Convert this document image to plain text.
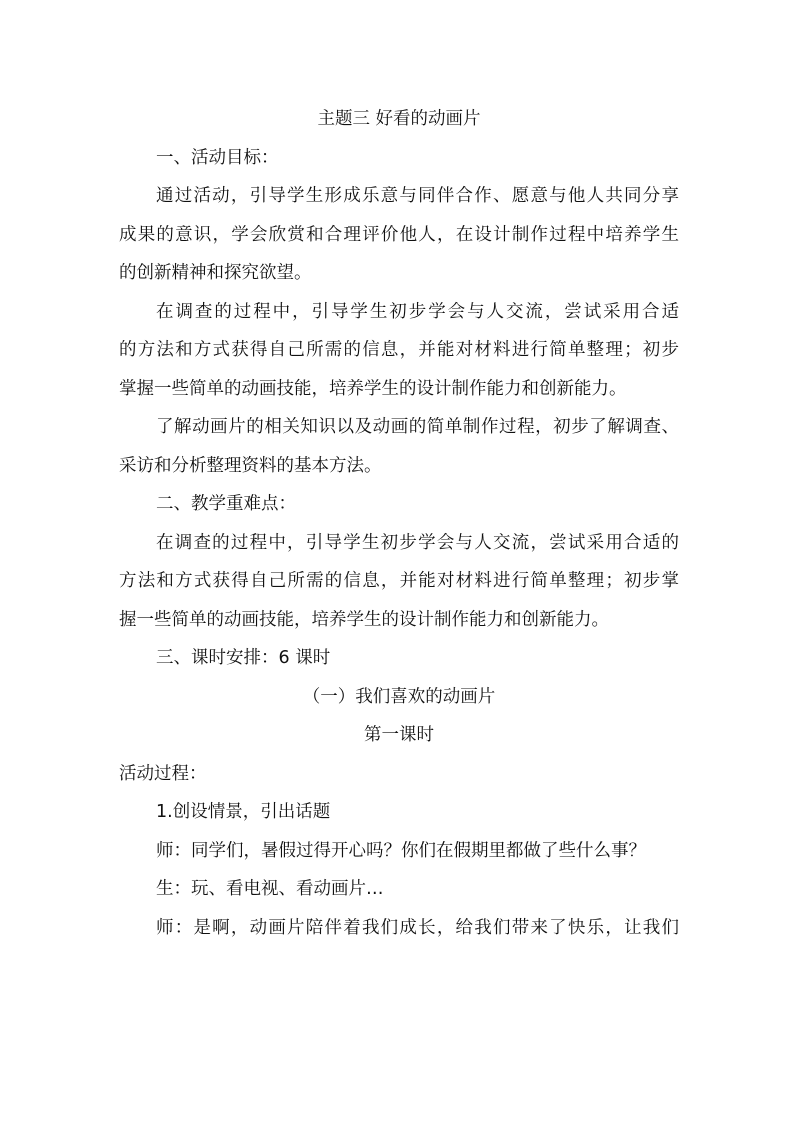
主题三 好看的动画片
一、活动目标：
通过活动，引导学生形成乐意与同伴合作、愿意与他人共同分享
成果的意识，学会欣赏和合理评价他人，在设计制作过程中培养学生
的创新精神和探究欲望。
在调查的过程中，引导学生初步学会与人交流，尝试采用合适
的方法和方式获得自己所需的信息，并能对材料进行简单整理；初步
掌握一些简单的动画技能，培养学生的设计制作能力和创新能力。
了解动画片的相关知识以及动画的简单制作过程，初步了解调查、
采访和分析整理资料的基本方法。
二、教学重难点：
在调查的过程中，引导学生初步学会与人交流，尝试采用合适的
方法和方式获得自己所需的信息，并能对材料进行简单整理；初步掌
握一些简单的动画技能，培养学生的设计制作能力和创新能力。
三、课时安排：6 课时
（一）我们喜欢的动画片
第一课时
活动过程：
1.创设情景，引出话题
师：同学们，暑假过得开心吗？你们在假期里都做了些什么事？
生：玩、看电视、看动画片…
师：是啊，动画片陪伴着我们成长，给我们带来了快乐，让我们
